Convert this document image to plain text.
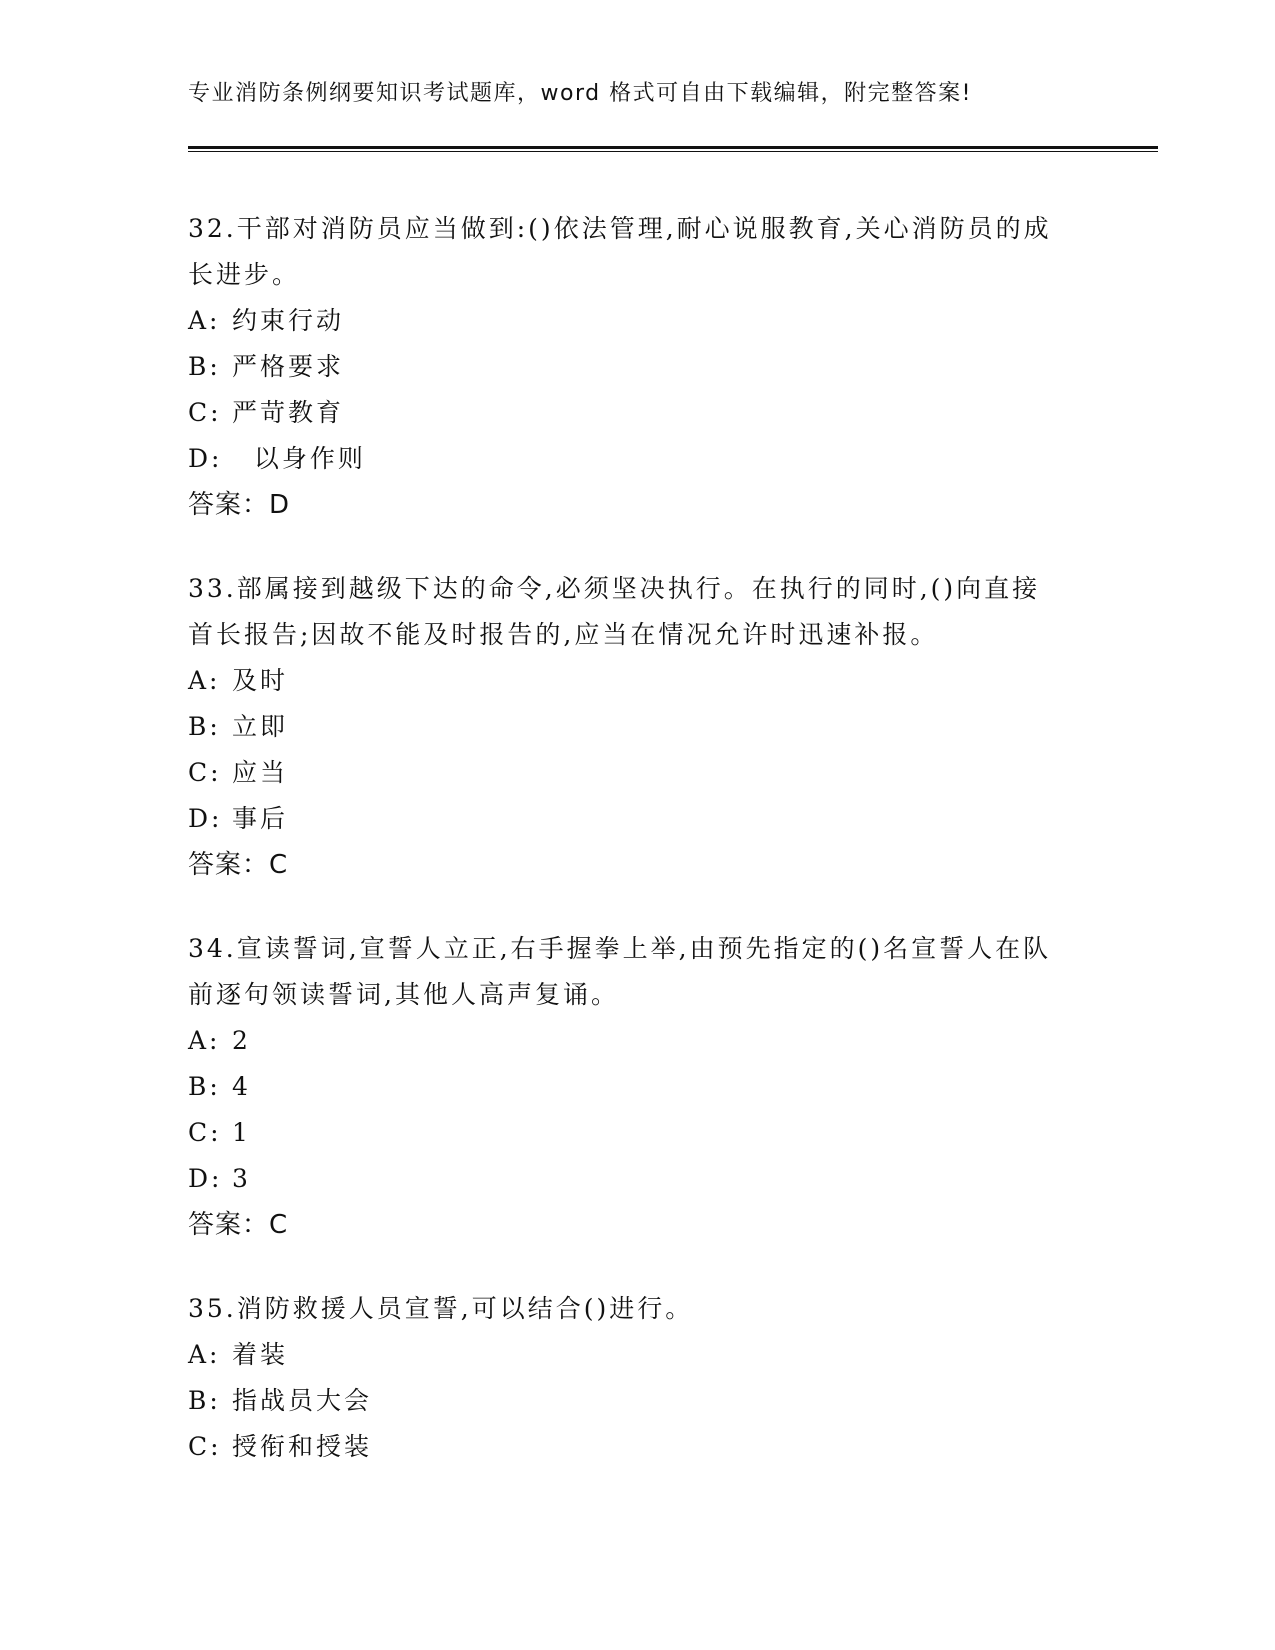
专业消防条例纲要知识考试题库，word 格式可自由下载编辑，附完整答案!

32.干部对消防员应当做到:()依法管理,耐心说服教育,关心消防员的成长进步。

A: 约束行动

B: 严格要求

C: 严苛教育

D:  以身作则

答案：D

33.部属接到越级下达的命令,必须坚决执行。在执行的同时,()向直接首长报告;因故不能及时报告的,应当在情况允许时迅速补报。

A: 及时

B: 立即

C: 应当

D: 事后

答案：C

34.宣读誓词,宣誓人立正,右手握拳上举,由预先指定的()名宣誓人在队前逐句领读誓词,其他人高声复诵。

A: 2

B: 4

C: 1

D: 3

答案：C

35.消防救援人员宣誓,可以结合()进行。

A: 着装

B: 指战员大会

C: 授衔和授装
